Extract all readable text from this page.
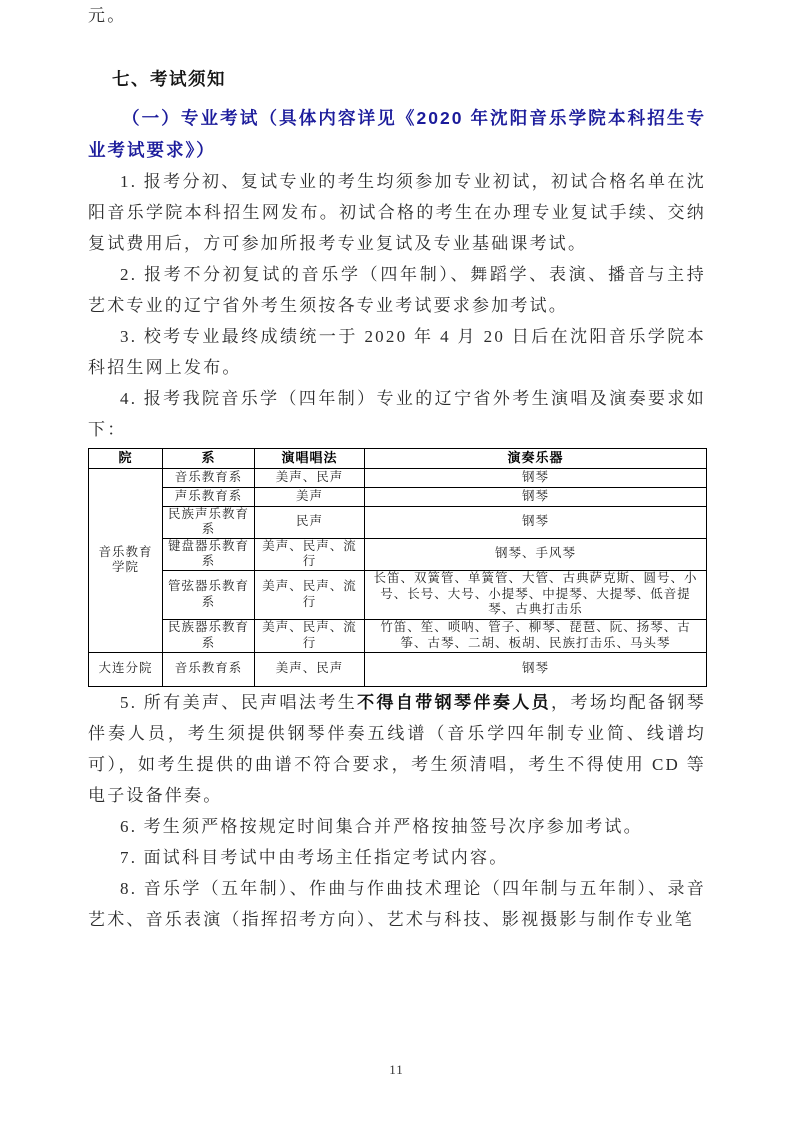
元。

七、考试须知

（一）专业考试（具体内容详见《2020 年沈阳音乐学院本科招生专业考试要求》）

1. 报考分初、复试专业的考生均须参加专业初试，初试合格名单在沈阳音乐学院本科招生网发布。初试合格的考生在办理专业复试手续、交纳复试费用后，方可参加所报考专业复试及专业基础课考试。

2. 报考不分初复试的音乐学（四年制）、舞蹈学、表演、播音与主持艺术专业的辽宁省外考生须按各专业考试要求参加考试。

3. 校考专业最终成绩统一于 2020 年 4 月 20 日后在沈阳音乐学院本科招生网上发布。

4. 报考我院音乐学（四年制）专业的辽宁省外考生演唱及演奏要求如下：

院	系	演唱唱法	演奏乐器
音乐教育学院	音乐教育系	美声、民声	钢琴
	声乐教育系	美声	钢琴
	民族声乐教育系	民声	钢琴
	键盘器乐教育系	美声、民声、流行	钢琴、手风琴
	管弦器乐教育系	美声、民声、流行	长笛、双簧管、单簧管、大管、古典萨克斯、圆号、小号、长号、大号、小提琴、中提琴、大提琴、低音提琴、古典打击乐
	民族器乐教育系	美声、民声、流行	竹笛、笙、唢呐、管子、柳琴、琵琶、阮、扬琴、古筝、古琴、二胡、板胡、民族打击乐、马头琴
大连分院	音乐教育系	美声、民声	钢琴

5. 所有美声、民声唱法考生不得自带钢琴伴奏人员，考场均配备钢琴伴奏人员，考生须提供钢琴伴奏五线谱（音乐学四年制专业简、线谱均可），如考生提供的曲谱不符合要求，考生须清唱，考生不得使用 CD 等电子设备伴奏。

6. 考生须严格按规定时间集合并严格按抽签号次序参加考试。

7. 面试科目考试中由考场主任指定考试内容。

8. 音乐学（五年制）、作曲与作曲技术理论（四年制与五年制）、录音艺术、音乐表演（指挥招考方向）、艺术与科技、影视摄影与制作专业笔

11
